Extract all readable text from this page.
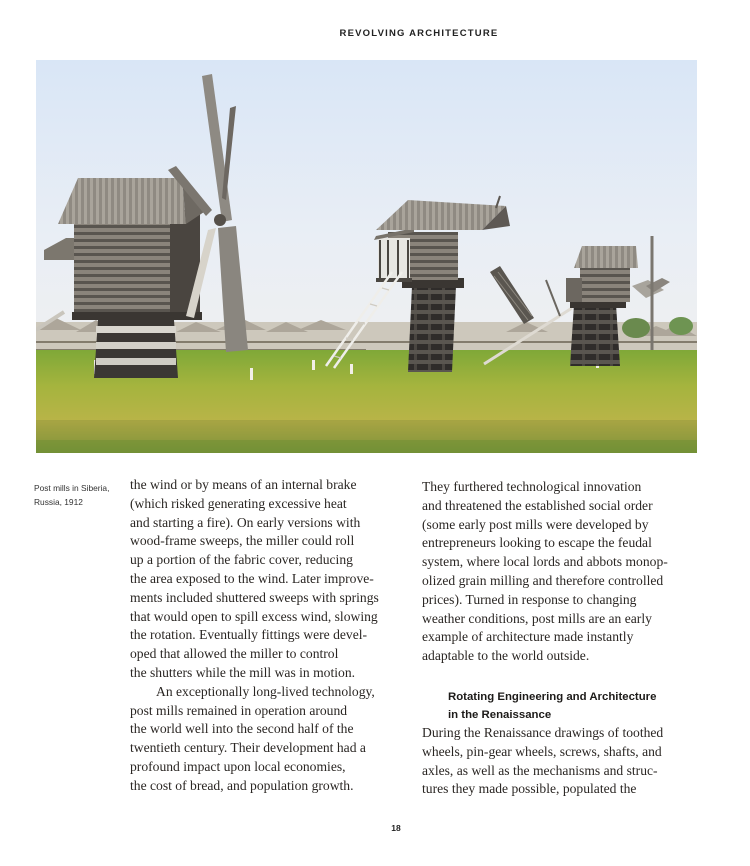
REVOLVING ARCHITECTURE
Post mills in Siberia,
Russia, 1912
the wind or by means of an internal brake
(which risked generating excessive heat
and starting a fire). On early versions with
wood-frame sweeps, the miller could roll
up a portion of the fabric cover, reducing
the area exposed to the wind. Later improve-
ments included shuttered sweeps with springs
that would open to spill excess wind, slowing
the rotation. Eventually fittings were devel-
oped that allowed the miller to control
the shutters while the mill was in motion.
An exceptionally long-lived technology,
post mills remained in operation around
the world well into the second half of the
twentieth century. Their development had a
profound impact upon local economies,
the cost of bread, and population growth.
They furthered technological innovation
and threatened the established social order
(some early post mills were developed by
entrepreneurs looking to escape the feudal
system, where local lords and abbots monop-
olized grain milling and therefore controlled
prices). Turned in response to changing
weather conditions, post mills are an early
example of architecture made instantly
adaptable to the world outside.
Rotating Engineering and Architecture
in the Renaissance
During the Renaissance drawings of toothed
wheels, pin-gear wheels, screws, shafts, and
axles, as well as the mechanisms and struc-
tures they made possible, populated the
18
